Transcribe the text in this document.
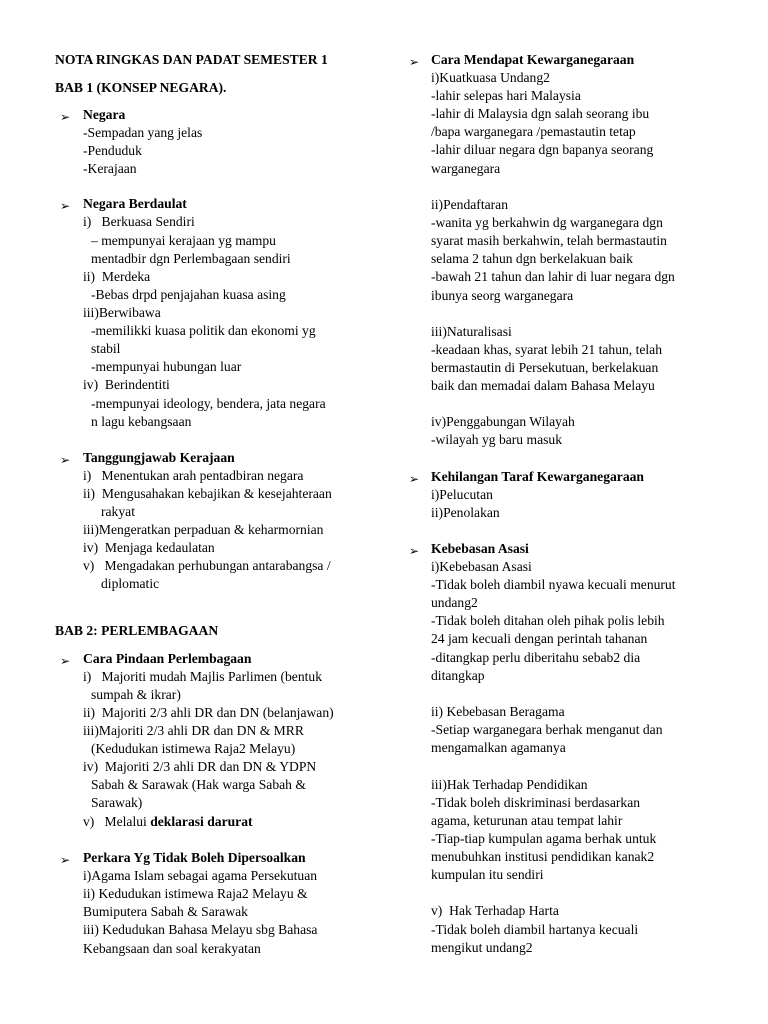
NOTA RINGKAS DAN PADAT SEMESTER 1
BAB 1 (KONSEP NEGARA).
➢ Negara
-Sempadan yang jelas
-Penduduk
-Kerajaan
➢ Negara Berdaulat
i)  Berkuasa Sendiri
– mempunyai kerajaan yg mampu
mentadbir dgn Perlembagaan sendiri
ii) Merdeka
-Bebas drpd penjajahan kuasa asing
iii)Berwibawa
-memilikki kuasa politik dan ekonomi yg
stabil
-mempunyai hubungan luar
iv) Berindentiti
-mempunyai ideology, bendera, jata negara
n lagu kebangsaan
➢ Tanggungjawab Kerajaan
i)  Menentukan arah pentadbiran negara
ii) Mengusahakan kebajikan & kesejahteraan
rakyat
iii)Mengeratkan perpaduan & keharmornian
iv) Menjaga kedaulatan
v)  Mengadakan perhubungan antarabangsa /
diplomatic
BAB 2: PERLEMBAGAAN
➢ Cara Pindaan Perlembagaan
i)  Majoriti mudah Majlis Parlimen (bentuk
sumpah & ikrar)
ii) Majoriti 2/3 ahli DR dan DN (belanjawan)
iii)Majoriti 2/3 ahli DR dan DN & MRR
(Kedudukan istimewa Raja2 Melayu)
iv) Majoriti 2/3 ahli DR dan DN & YDPN
Sabah & Sarawak (Hak warga Sabah &
Sarawak)
v)  Melalui deklarasi darurat
➢ Perkara Yg Tidak Boleh Dipersoalkan
i)Agama Islam sebagai agama Persekutuan
ii) Kedudukan istimewa Raja2 Melayu &
Bumiputera Sabah & Sarawak
iii) Kedudukan Bahasa Melayu sbg Bahasa
Kebangsaan dan soal kerakyatan
➢ Cara Mendapat Kewarganegaraan
i)Kuatkuasa Undang2
-lahir selepas hari Malaysia
-lahir di Malaysia dgn salah seorang ibu
/bapa warganegara /pemastautin tetap
-lahir diluar negara dgn bapanya seorang
warganegara
ii)Pendaftaran
-wanita yg berkahwin dg warganegara dgn
syarat masih berkahwin, telah bermastautin
selama 2 tahun dgn berkelakuan baik
-bawah 21 tahun dan lahir di luar negara dgn
ibunya seorg warganegara
iii)Naturalisasi
-keadaan khas, syarat lebih 21 tahun, telah
bermastautin di Persekutuan, berkelakuan
baik dan memadai dalam Bahasa Melayu
iv)Penggabungan Wilayah
-wilayah yg baru masuk
➢ Kehilangan Taraf Kewarganegaraan
i)Pelucutan
ii)Penolakan
➢ Kebebasan Asasi
i)Kebebasan Asasi
-Tidak boleh diambil nyawa kecuali menurut
undang2
-Tidak boleh ditahan oleh pihak polis lebih
24 jam kecuali dengan perintah tahanan
-ditangkap perlu diberitahu sebab2 dia
ditangkap
ii) Kebebasan Beragama
-Setiap warganegara berhak menganut dan
mengamalkan agamanya
iii)Hak Terhadap Pendidikan
-Tidak boleh diskriminasi berdasarkan
agama, keturunan atau tempat lahir
-Tiap-tiap kumpulan agama berhak untuk
menubuhkan institusi pendidikan kanak2
kumpulan itu sendiri
v) Hak Terhadap Harta
-Tidak boleh diambil hartanya kecuali
mengikut undang2
